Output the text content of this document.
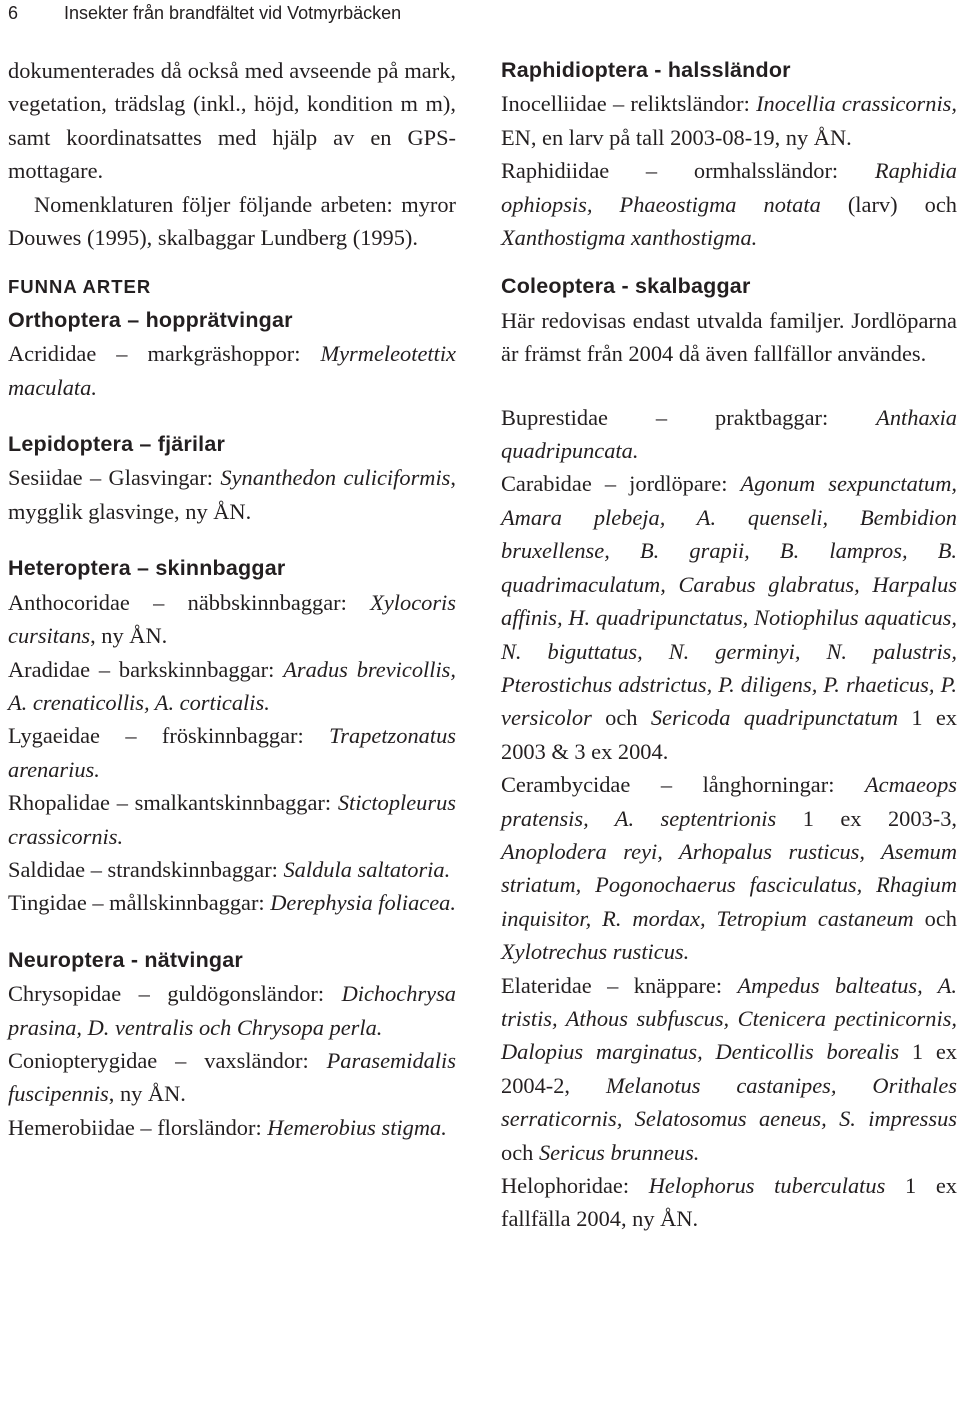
6	Insekter från brandfältet vid Votmyrbäcken

dokumenterades då också med avseende på mark, vegetation, trädslag (inkl., höjd, kondition m m), samt koordinatsattes med hjälp av en GPS-mottagare.

Nomenklaturen följer följande arbeten: myror Douwes (1995), skalbaggar Lundberg (1995).

FUNNA ARTER

Orthoptera – hopprätvingar

Acrididae – markgräshoppor: Myrmeleotettix maculata.

Lepidoptera – fjärilar

Sesiidae – Glasvingar: Synanthedon culiciformis, mygglik glasvinge, ny ÅN.

Heteroptera – skinnbaggar

Anthocoridae – näbbskinnbaggar: Xylocoris cursitans, ny ÅN.

Aradidae – barkskinnbaggar: Aradus brevicollis, A. crenaticollis, A. corticalis.

Lygaeidae – fröskinnbaggar: Trapetzonatus arenarius.

Rhopalidae – smalkantskinnbaggar: Stictopleurus crassicornis.

Saldidae – strandskinnbaggar: Saldula saltatoria.

Tingidae – mållskinnbaggar: Derephysia foliacea.

Neuroptera - nätvingar

Chrysopidae – guldögonsländor: Dichochrysa prasina, D. ventralis och Chrysopa perla.

Coniopterygidae – vaxsländor: Parasemidalis fuscipennis, ny ÅN.

Hemerobiidae – florsländor: Hemerobius stigma.

Raphidioptera - halssländor

Inocelliidae – reliktsländor: Inocellia crassicornis, EN, en larv på tall 2003-08-19, ny ÅN.

Raphidiidae – ormhalssländor: Raphidia ophiopsis, Phaeostigma notata (larv) och Xanthostigma xanthostigma.

Coleoptera - skalbaggar

Här redovisas endast utvalda familjer. Jordlöparna är främst från 2004 då även fallfällor användes.

Buprestidae – praktbaggar: Anthaxia quadripuncata.

Carabidae – jordlöpare: Agonum sexpunctatum, Amara plebeja, A. quenseli, Bembidion bruxellense, B. grapii, B. lampros, B. quadrimaculatum, Carabus glabratus, Harpalus affinis, H. quadripunctatus, Notiophilus aquaticus, N. biguttatus, N. germinyi, N. palustris, Pterostichus adstrictus, P. diligens, P. rhaeticus, P. versicolor och Sericoda quadripunctatum 1 ex 2003 & 3 ex 2004.

Cerambycidae – långhorningar: Acmaeops pratensis, A. septentrionis 1 ex 2003-3, Anoplodera reyi, Arhopalus rusticus, Asemum striatum, Pogonochaerus fasciculatus, Rhagium inquisitor, R. mordax, Tetropium castaneum och Xylotrechus rusticus.

Elateridae – knäppare: Ampedus balteatus, A. tristis, Athous subfuscus, Ctenicera pectinicornis, Dalopius marginatus, Denticollis borealis 1 ex 2004-2, Melanotus castanipes, Orithales serraticornis, Selatosomus aeneus, S. impressus och Sericus brunneus.

Helophoridae: Helophorus tuberculatus 1 ex fallfälla 2004, ny ÅN.
